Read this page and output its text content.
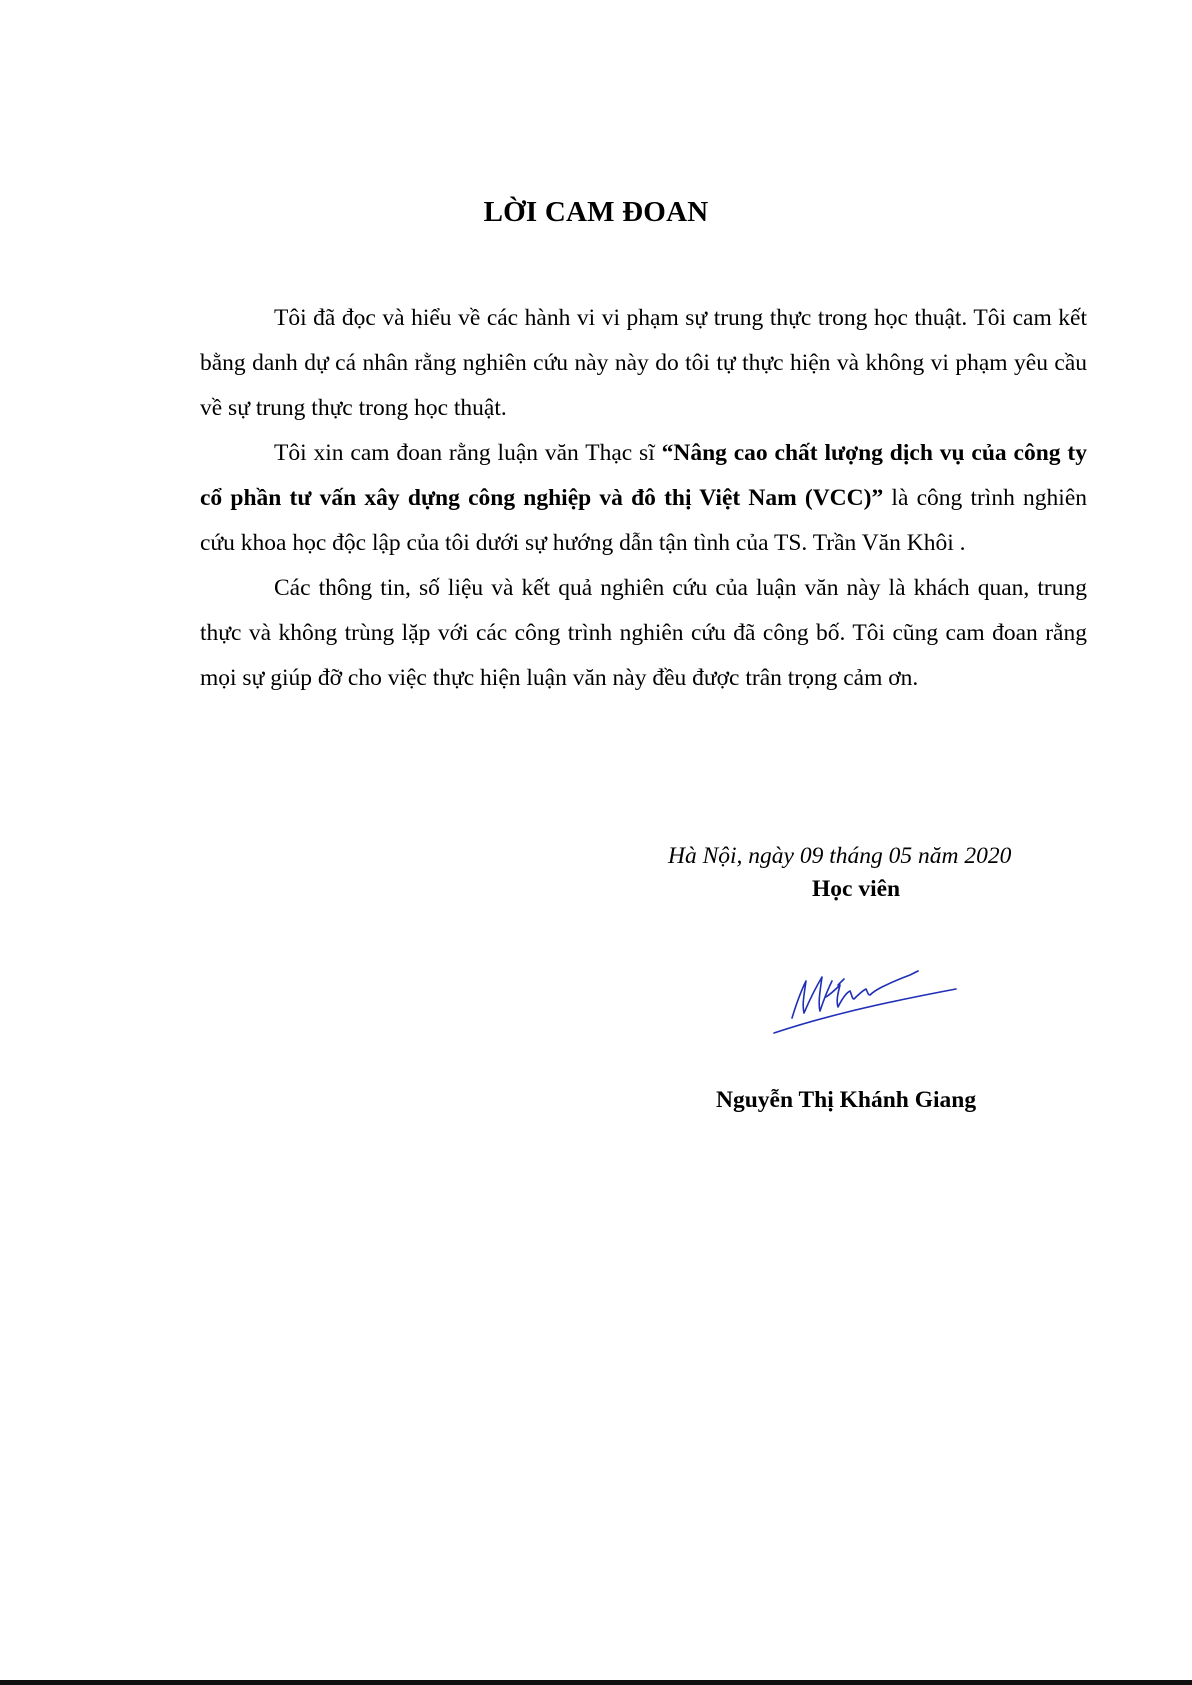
LỜI CAM ĐOAN

Tôi đã đọc và hiểu về các hành vi vi phạm sự trung thực trong học thuật. Tôi cam kết bằng danh dự cá nhân rằng nghiên cứu này này do tôi tự thực hiện và không vi phạm yêu cầu về sự trung thực trong học thuật.

Tôi xin cam đoan rằng luận văn Thạc sĩ “Nâng cao chất lượng dịch vụ của công ty cổ phần tư vấn xây dựng công nghiệp và đô thị Việt Nam (VCC)” là công trình nghiên cứu khoa học độc lập của tôi dưới sự hướng dẫn tận tình của TS. Trần Văn Khôi .

Các thông tin, số liệu và kết quả nghiên cứu của luận văn này là khách quan, trung thực và không trùng lặp với các công trình nghiên cứu đã công bố. Tôi cũng cam đoan rằng mọi sự giúp đỡ cho việc thực hiện luận văn này đều được trân trọng cảm ơn.

Hà Nội, ngày 09 tháng 05 năm 2020
Học viên
Nguyễn Thị Khánh Giang
